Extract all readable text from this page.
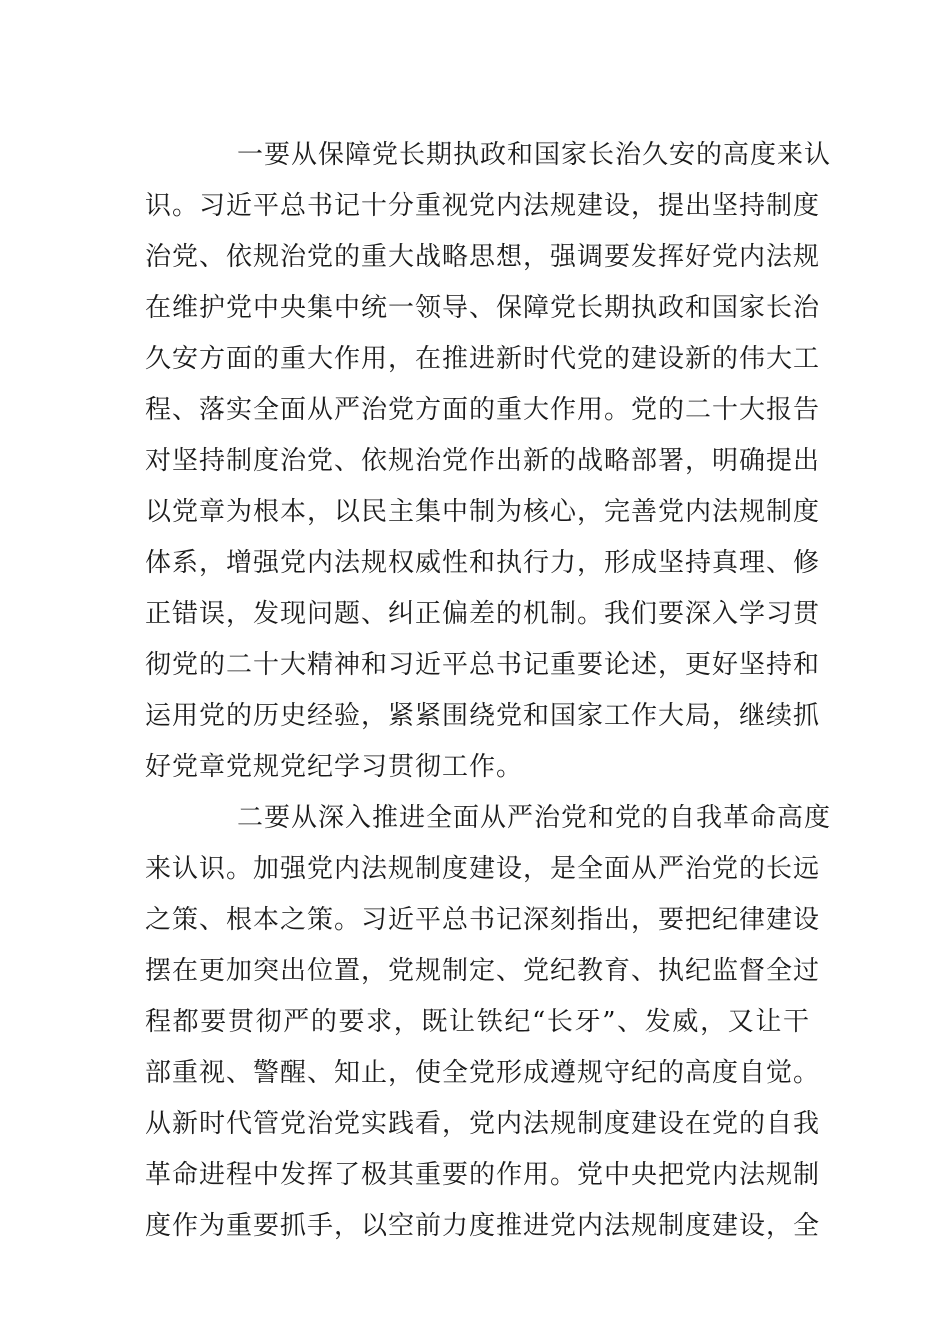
一要从保障党长期执政和国家长治久安的高度来认
识。习近平总书记十分重视党内法规建设，提出坚持制度
治党、依规治党的重大战略思想，强调要发挥好党内法规
在维护党中央集中统一领导、保障党长期执政和国家长治
久安方面的重大作用，在推进新时代党的建设新的伟大工
程、落实全面从严治党方面的重大作用。党的二十大报告
对坚持制度治党、依规治党作出新的战略部署，明确提出
以党章为根本，以民主集中制为核心，完善党内法规制度
体系，增强党内法规权威性和执行力，形成坚持真理、修
正错误，发现问题、纠正偏差的机制。我们要深入学习贯
彻党的二十大精神和习近平总书记重要论述，更好坚持和
运用党的历史经验，紧紧围绕党和国家工作大局，继续抓
好党章党规党纪学习贯彻工作。
二要从深入推进全面从严治党和党的自我革命高度
来认识。加强党内法规制度建设，是全面从严治党的长远
之策、根本之策。习近平总书记深刻指出，要把纪律建设
摆在更加突出位置，党规制定、党纪教育、执纪监督全过
程都要贯彻严的要求，既让铁纪“长牙”、发威，又让干
部重视、警醒、知止，使全党形成遵规守纪的高度自觉。
从新时代管党治党实践看，党内法规制度建设在党的自我
革命进程中发挥了极其重要的作用。党中央把党内法规制
度作为重要抓手，以空前力度推进党内法规制度建设，全
